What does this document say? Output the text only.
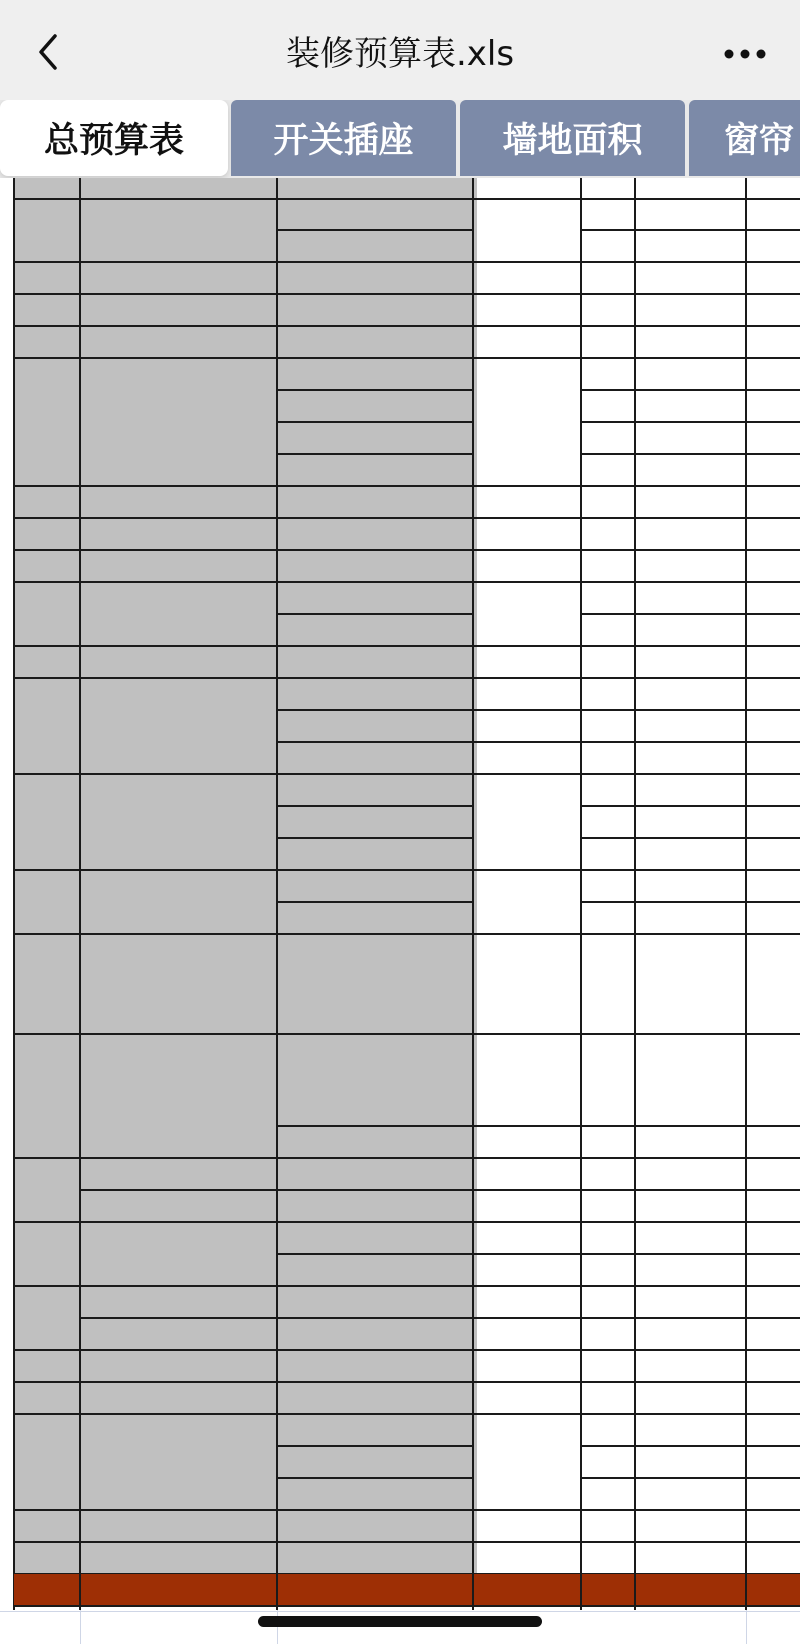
装修预算表.xls
总预算表	开关插座	墙地面积	窗帘
